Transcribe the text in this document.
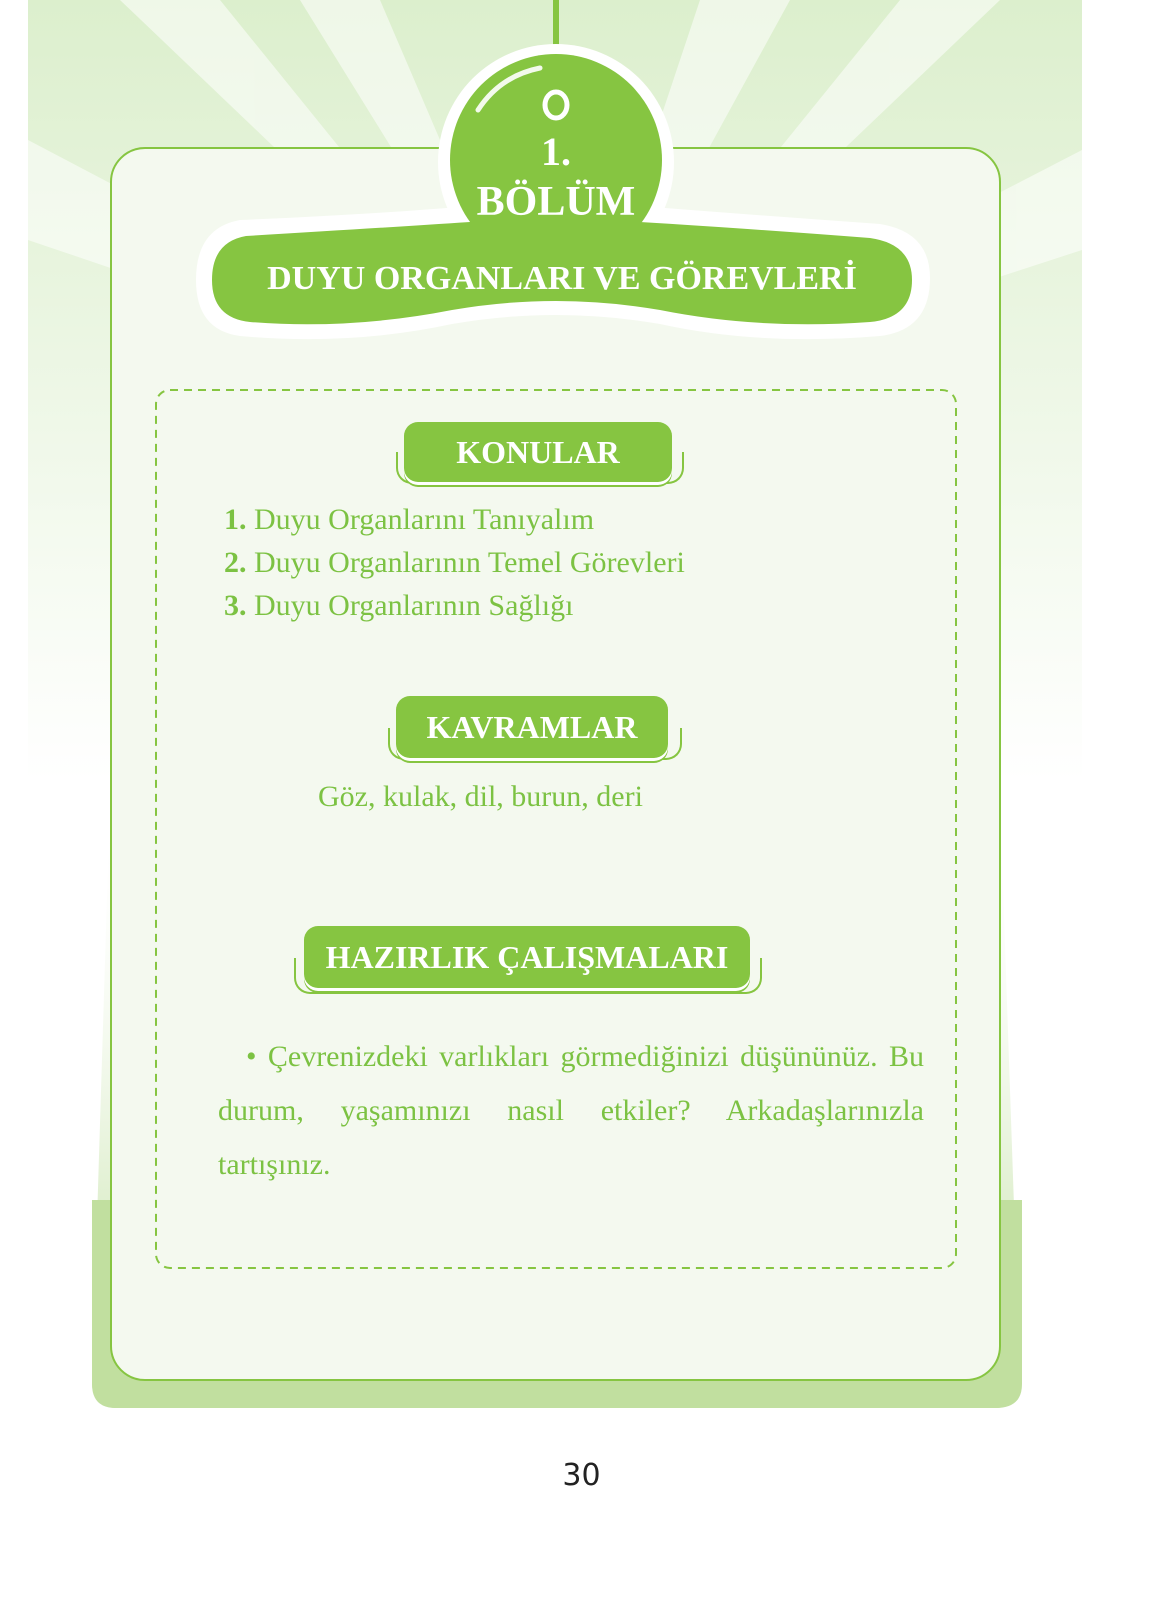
1.
BÖLÜM
DUYU ORGANLARI VE GÖREVLERİ
KONULAR
1. Duyu Organlarını Tanıyalım
2. Duyu Organlarının Temel Görevleri
3. Duyu Organlarının Sağlığı
KAVRAMLAR
Göz, kulak, dil, burun, deri
HAZIRLIK ÇALIŞMALARI
• Çevrenizdeki varlıkları görmediğinizi düşününüz. Bu durum, yaşamınızı nasıl etkiler? Arkadaşlarınızla tartışınız.
30
